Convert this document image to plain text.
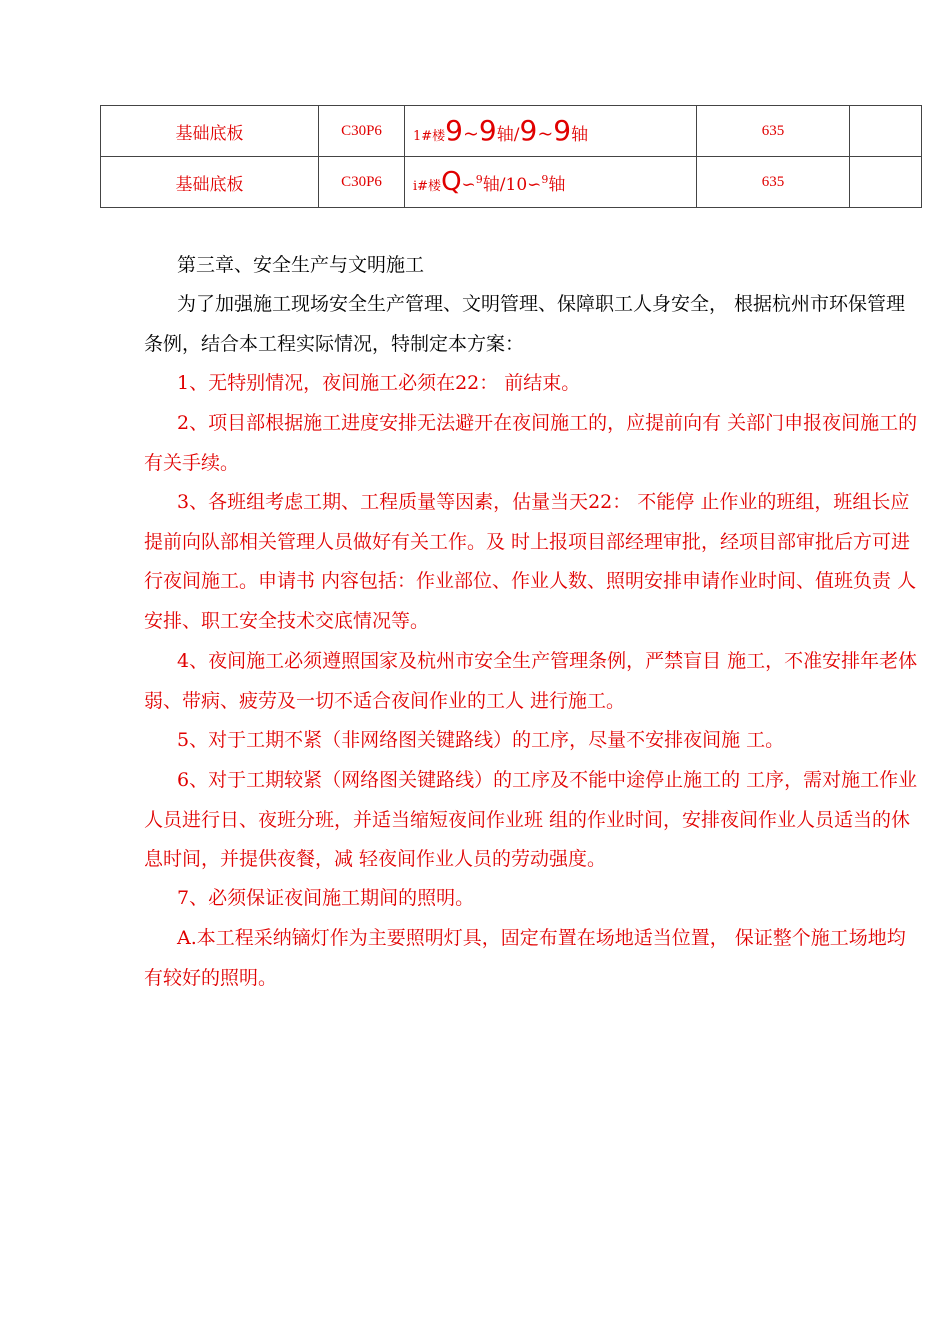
基础底板	C30P6	1#楼9~9轴/9~9轴	635	
基础底板	C30P6	i#楼Q∽$^9$轴/10∽$^9$轴	635	

第三章、安全生产与文明施工

为了加强施工现场安全生产管理、文明管理、保障职工人身安全， 根据杭州市环保管理条例，结合本工程实际情况，特制定本方案：

1、无特别情况，夜间施工必须在22： 前结束。

2、项目部根据施工进度安排无法避开在夜间施工的，应提前向有 关部门申报夜间施工的有关手续。

3、各班组考虑工期、工程质量等因素，估量当天22： 不能停 止作业的班组，班组长应提前向队部相关管理人员做好有关工作。及 时上报项目部经理审批，经项目部审批后方可进行夜间施工。申请书 内容包括：作业部位、作业人数、照明安排申请作业时间、值班负责 人安排、职工安全技术交底情况等。

4、夜间施工必须遵照国家及杭州市安全生产管理条例，严禁盲目 施工，不准安排年老体弱、带病、疲劳及一切不适合夜间作业的工人 进行施工。

5、对于工期不紧（非网络图关键路线）的工序，尽量不安排夜间施 工。

6、对于工期较紧（网络图关键路线）的工序及不能中途停止施工的 工序，需对施工作业人员进行日、夜班分班，并适当缩短夜间作业班 组的作业时间，安排夜间作业人员适当的休息时间，并提供夜餐，减 轻夜间作业人员的劳动强度。

7、必须保证夜间施工期间的照明。

A.本工程采纳镝灯作为主要照明灯具，固定布置在场地适当位置， 保证整个施工场地均有较好的照明。
